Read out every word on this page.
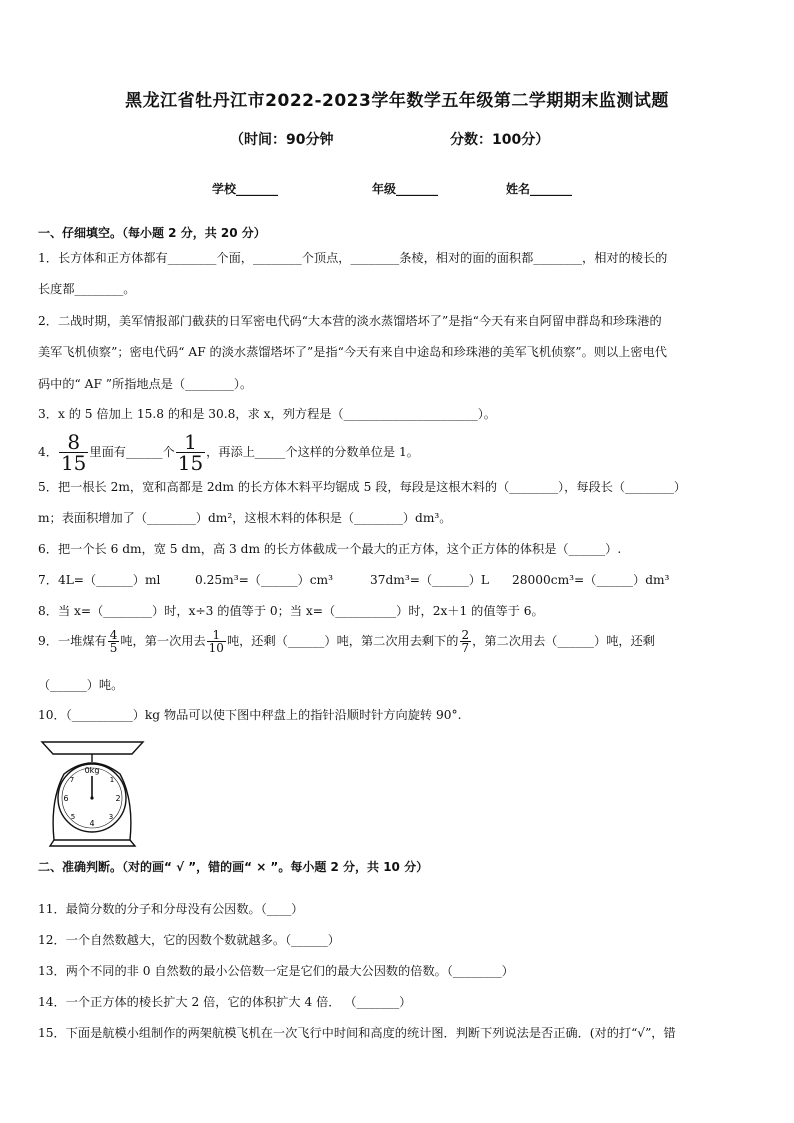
黑龙江省牡丹江市2022-2023学年数学五年级第二学期期末监测试题
（时间：90分钟	分数：100分）
学校_______	年级_______	姓名_______
一、仔细填空。（每小题 2 分，共 20 分）
1．长方体和正方体都有________个面，________个顶点，________条棱，相对的面的面积都________，相对的棱长的
长度都________。
2．二战时期，美军情报部门截获的日军密电代码“大本营的淡水蒸馏塔坏了”是指“今天有来自阿留申群岛和珍珠港的
美军飞机侦察”；密电代码“ AF 的淡水蒸馏塔坏了”是指“今天有来自中途岛和珍珠港的美军飞机侦察”。则以上密电代
码中的“ AF ”所指地点是（________）。
3．x 的 5 倍加上 15.8 的和是 30.8，求 x，列方程是（______________________）。
4． $\frac{8}{15}$ 里面有______个 $\frac{1}{15}$ ，再添上_____个这样的分数单位是 1。
5．把一根长 2m，宽和高都是 2dm 的长方体木料平均锯成 5 段，每段是这根木料的（________），每段长（________）
m；表面积增加了（________）dm²，这根木料的体积是（________）dm³。
6．把一个长 6 dm，宽 5 dm，高 3 dm 的长方体截成一个最大的正方体，这个正方体的体积是（______）.
7．4L=（______）ml	0.25m³=（______）cm³	37dm³=（______）L 28000cm³=（______）dm³
8．当 x=（________）时，x÷3 的值等于 0；当 x=（__________）时，2x＋1 的值等于 6。
9．一堆煤有 $\frac{4}{5}$ 吨，第一次用去 $\frac{1}{10}$ 吨，还剩（______）吨，第二次用去剩下的 $\frac{2}{7}$ ，第二次用去（______）吨，还剩
（______）吨。
10．（__________）kg 物品可以使下图中秤盘上的指针沿顺时针方向旋转 90°.
0kg
6	2
4
7	1
5	3
二、准确判断。（对的画“ √ ”，错的画“ × ”。每小题 2 分，共 10 分）
11．最简分数的分子和分母没有公因数。（____）
12．一个自然数越大，它的因数个数就越多。（______）
13．两个不同的非 0 自然数的最小公倍数一定是它们的最大公因数的倍数。（________）
14．一个正方体的棱长扩大 2 倍，它的体积扩大 4 倍． （_______）
15．下面是航模小组制作的两架航模飞机在一次飞行中时间和高度的统计图．判断下列说法是否正确．(对的打“√”，错
